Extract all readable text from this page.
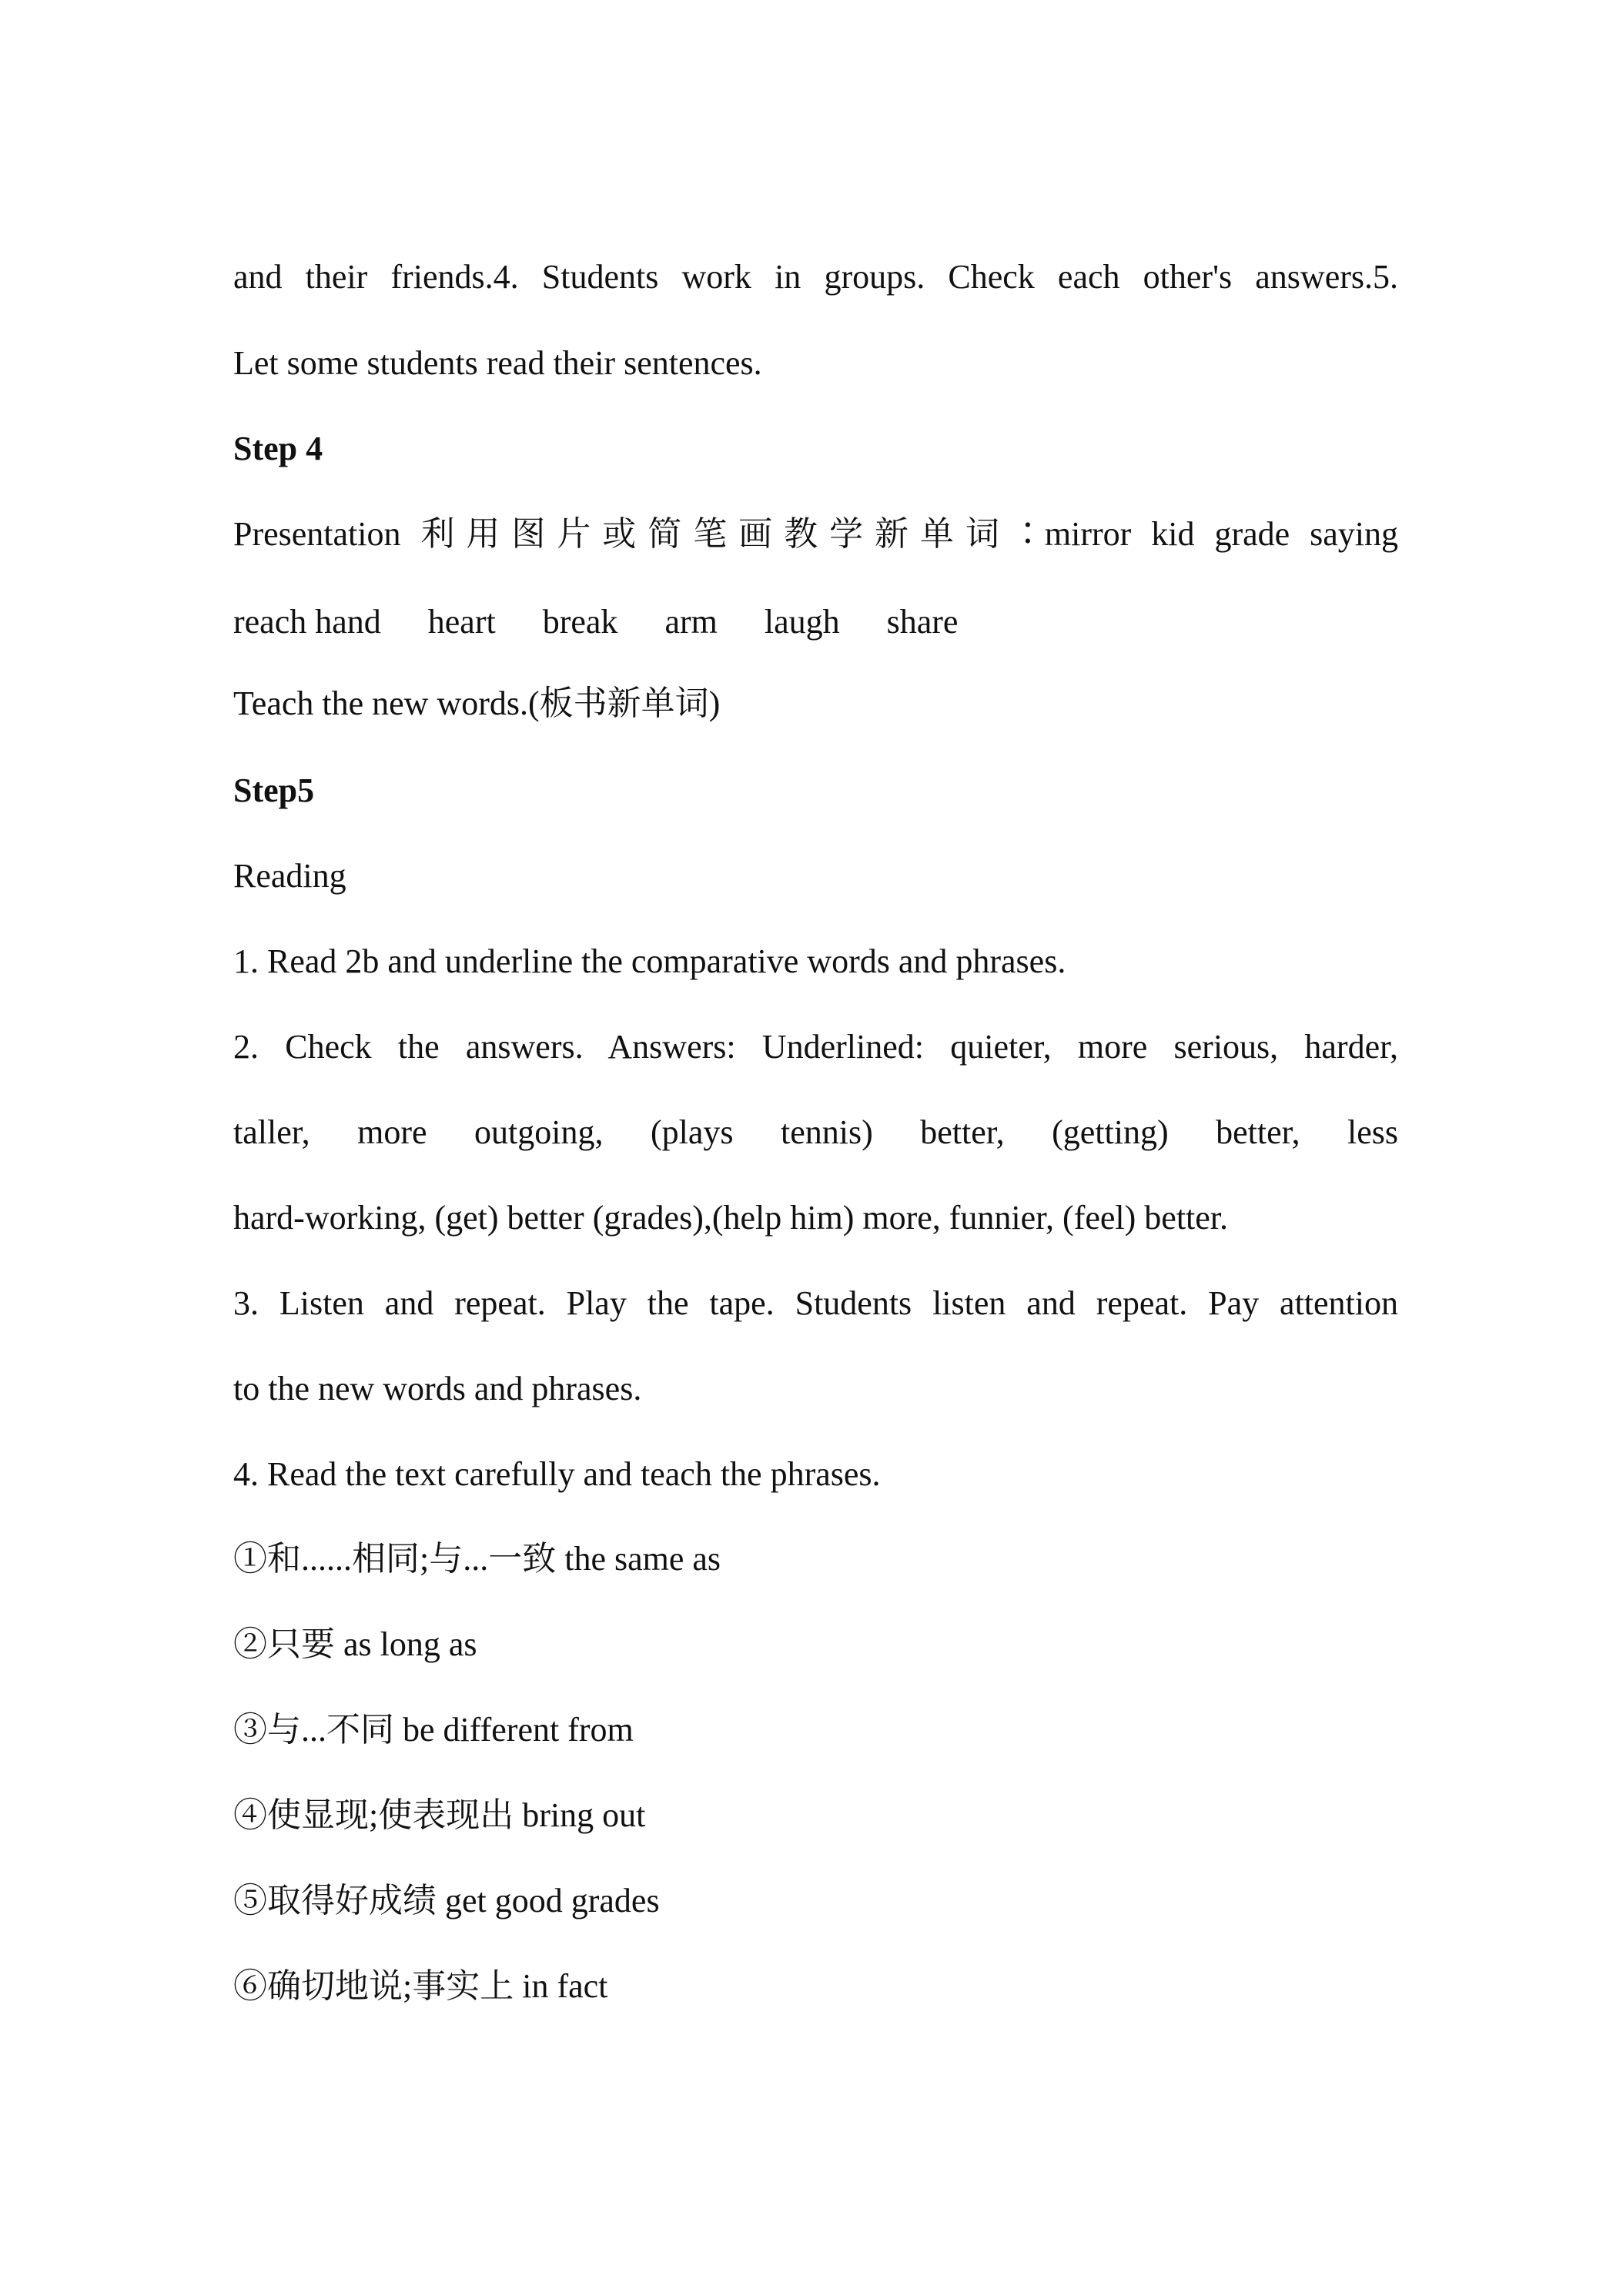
and their friends.4. Students work in groups. Check each other's answers.5.
Let some students read their sentences.
Step 4
Presentation 利用图片或简笔画教学新单词∶mirror kid grade saying
reach hand heart break arm laugh share
Teach the new words.(板书新单词)
Step5
Reading
1. Read 2b and underline the comparative words and phrases.
2. Check the answers. Answers: Underlined: quieter, more serious, harder,
taller, more outgoing, (plays tennis) better, (getting) better, less
hard-working, (get) better (grades),(help him) more, funnier, (feel) better.
3. Listen and repeat. Play the tape. Students listen and repeat. Pay attention
to the new words and phrases.
4. Read the text carefully and teach the phrases.
①和......相同;与...一致 the same as
②只要 as long as
③与...不同 be different from
④使显现;使表现出 bring out
⑤取得好成绩 get good grades
⑥确切地说;事实上 in fact
